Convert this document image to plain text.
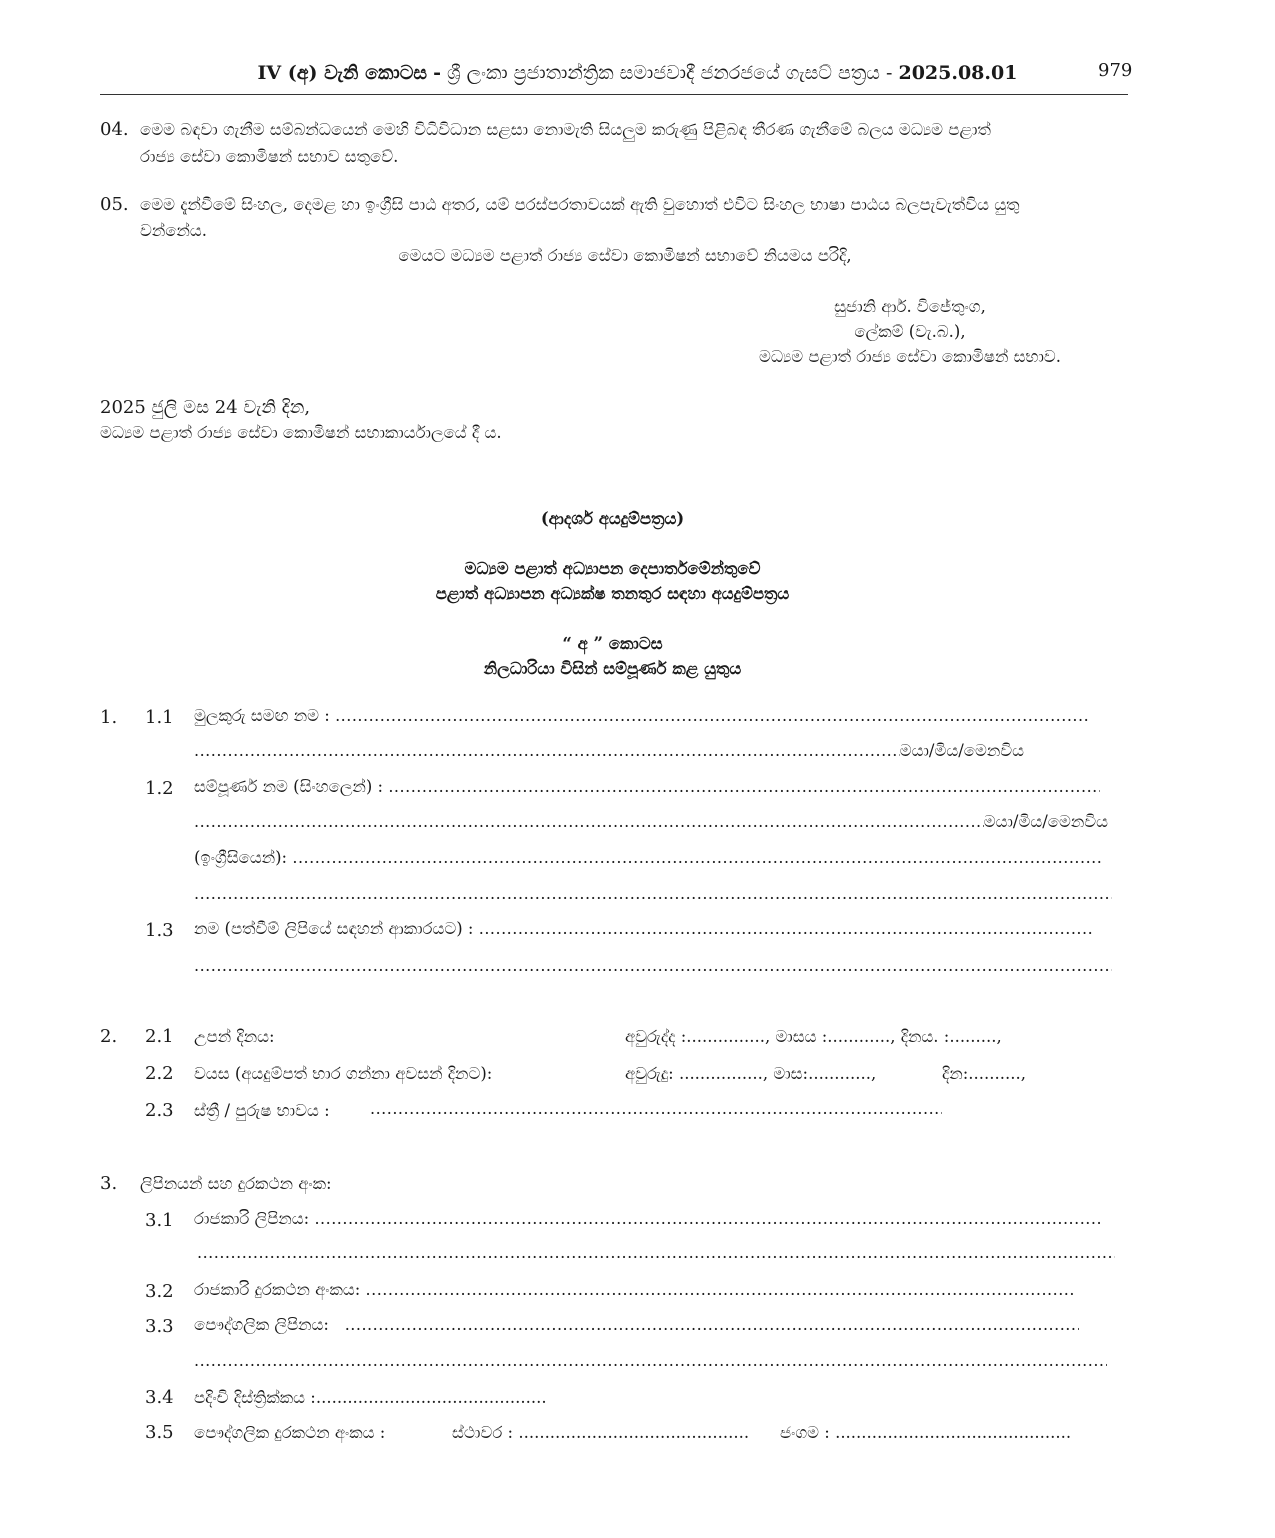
IV (අ) වැනි කොටස - ශ්‍රී ලංකා ප්‍රජාතාන්ත්‍රික සමාජවාදී ජනරජයේ ගැසට් පත්‍රය - 2025.08.01	979
04. මෙම බඳවා ගැනීම සම්බන්ධයෙන් මෙහි විධිවිධාන සළසා නොමැති සියලුම කරුණු පිළිබඳ තීරණ ගැනීමේ බලය මධ්‍යම පළාත්
රාජ්‍ය සේවා කොමිෂන් සභාව සතුවේ.
05. මෙම දැන්වීමේ සිංහල, දෙමළ හා ඉංග්‍රීසි පාඨ අතර, යම් පරස්පරතාවයක් ඇති වුහොත් එවිට සිංහල භාෂා පාඨය බලපැවැත්විය යුතු
වන්නේය.
මෙයට මධ්‍යම පළාත් රාජ්‍ය සේවා කොමිෂන් සභාවේ නියමය පරිදි,
සුජානි ආර්. විජේතුංග,
ලේකම් (වැ.බ.),
මධ්‍යම පළාත් රාජ්‍ය සේවා කොමිෂන් සභාව.
2025 ජුලි මස 24 වැනි දින,
මධ්‍යම පළාත් රාජ්‍ය සේවා කොමිෂන් සභාකාර්යාලයේ දී ය.
(ආදර්ශ අයදුම්පත්‍රය)
මධ්‍යම පළාත් අධ්‍යාපන දෙපාර්තමේන්තුවේ
පළාත් අධ්‍යාපන අධ්‍යක්ෂ තනතුර සඳහා අයදුම්පත්‍රය
“ අ ” කොටස
නිලධාරියා විසින් සම්පූර්ණ කළ යුතුය
1. 1.1 මුලකුරු සමඟ නම :

.....
.....
මයා/මිය/මෙනවිය
1.2 සම්පූර්ණ නම (සිංහලෙන්) :

.....
.....
මයා/මිය/මෙනවිය
(ඉංග්‍රීසියෙන්):

.....
.....
1.3 නම (පත්වීම් ලිපියේ සඳහන් ආකාරයට) :

.....
.....
2. 2.1 උපන් දිනය:	අවුරුද්ද :..............., මාසය :............, දිනය. :.........,
2.2 වයස (අයදුම්පත් භාර ගන්නා අවසන් දිනට):	අවුරුදු: ................, මාස:............,	දින:..........,
2.3 ස්ත්‍රී / පුරුෂ භාවය :
.....
3. ලිපිනයන් සහ දුරකථන අංක:
3.1 රාජකාරි ලිපිනය:

.....
.....
3.2 රාජකාරි දුරකථන අංකය:

.....
3.3 පෞද්ගලික ලිපිනය:

.....
.....
3.4 පදිංචි දිස්ත්‍රික්කය :............................................
3.5 පෞද්ගලික දුරකථන අංකය :	ස්ථාවර : ............................................ ජංගම : .............................................
